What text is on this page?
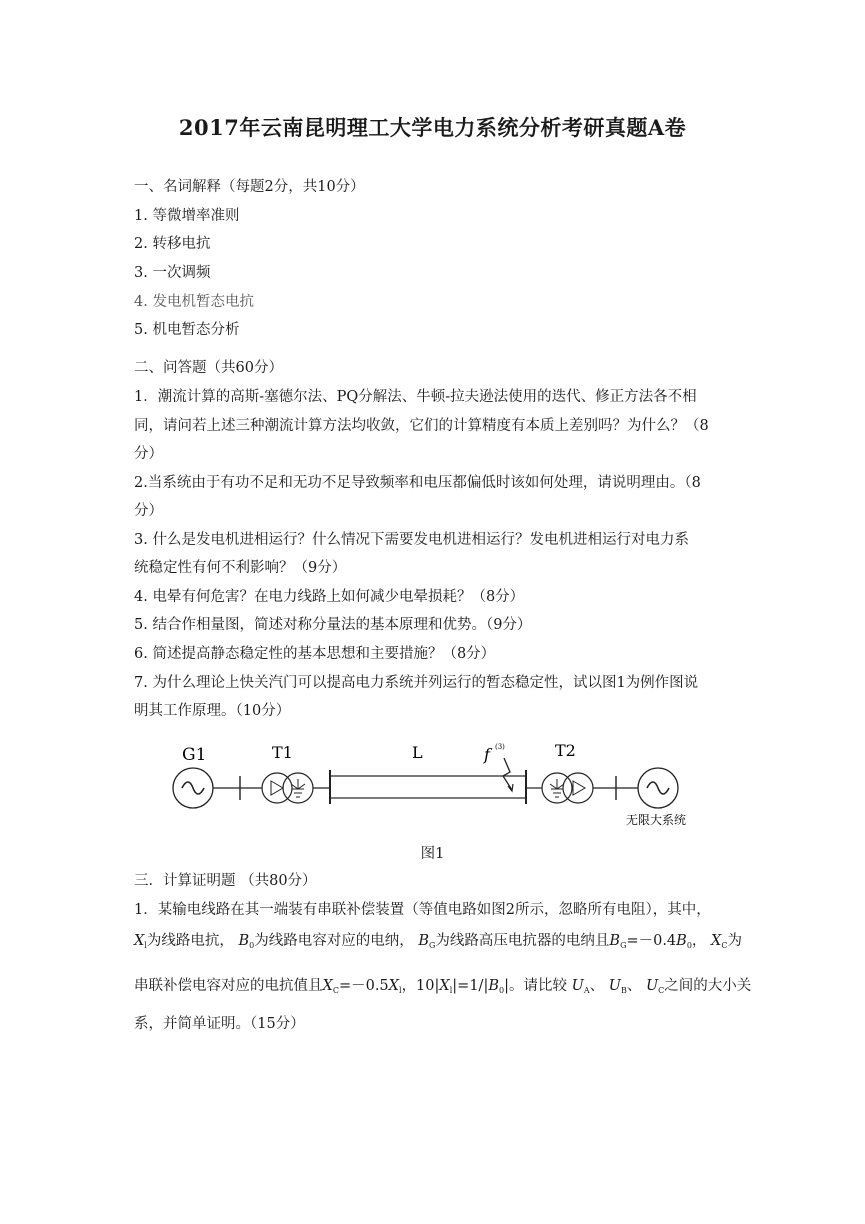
2017年云南昆明理工大学电力系统分析考研真题A卷
一、名词解释（每题2分，共10分）
1. 等微增率准则
2. 转移电抗
3. 一次调频
4. 发电机暂态电抗
5. 机电暂态分析
二、问答题（共60分）
1．潮流计算的高斯-塞德尔法、PQ分解法、牛顿-拉夫逊法使用的迭代、修正方法各不相
同，请问若上述三种潮流计算方法均收敛，它们的计算精度有本质上差别吗？为什么？（8
分）
2.当系统由于有功不足和无功不足导致频率和电压都偏低时该如何处理，请说明理由。（8
分）
3. 什么是发电机进相运行？什么情况下需要发电机进相运行？发电机进相运行对电力系
统稳定性有何不利影响？（9分）
4. 电晕有何危害？在电力线路上如何减少电晕损耗？（8分）
5. 结合作相量图，简述对称分量法的基本原理和优势。（9分）
6. 简述提高静态稳定性的基本思想和主要措施？（8分）
7. 为什么理论上快关汽门可以提高电力系统并列运行的暂态稳定性，试以图1为例作图说
明其工作原理。（10分）
G1	T1	L	f (3)	T2
无限大系统
图1
三．计算证明题 （共80分）
1．某输电线路在其一端装有串联补偿装置（等值电路如图2所示，忽略所有电阻），其中，
$X_l$为线路电抗， $B_0$为线路电容对应的电纳， $B_G$为线路高压电抗器的电纳且$B_G=-0.4B_0$， $X_C$为
串联补偿电容对应的电抗值且$X_C=-0.5X_l$，$10|X_l|=1/|B_0|$。请比较 $U_A$、 $U_B$、 $U_C$之间的大小关
系，并简单证明。（15分）
